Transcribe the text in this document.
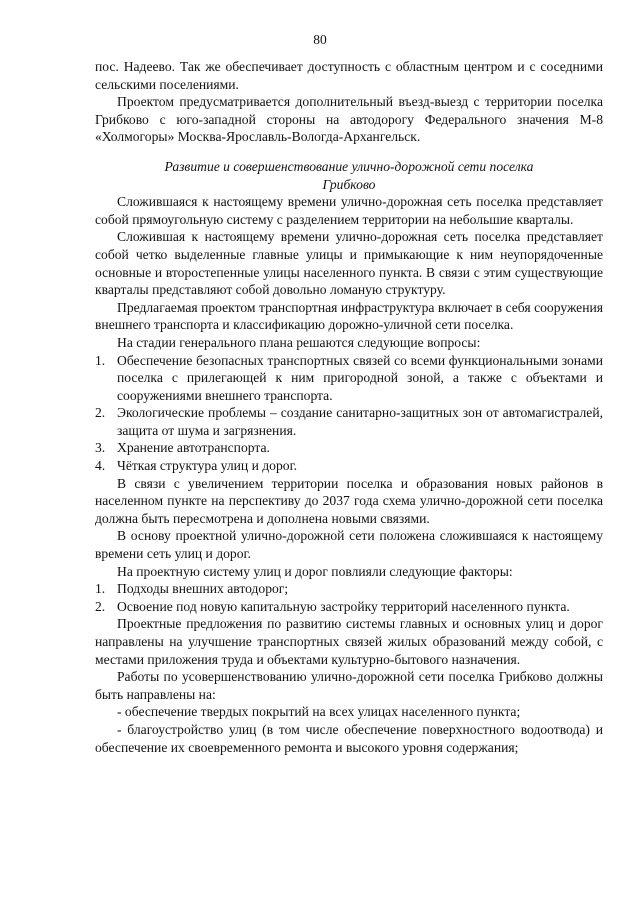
80

пос. Надеево. Так же обеспечивает доступность с областным центром и с соседними сельскими поселениями.

Проектом предусматривается дополнительный въезд-выезд с территории поселка Грибково с юго-западной стороны на автодорогу Федерального значения М-8 «Холмогоры» Москва-Ярославль-Вологда-Архангельск.

Развитие и совершенствование улично-дорожной сети поселка
Грибково

Сложившаяся к настоящему времени улично-дорожная сеть поселка представляет собой прямоугольную систему с разделением территории на небольшие кварталы.

Сложившая к настоящему времени улично-дорожная сеть поселка представляет собой четко выделенные главные улицы и примыкающие к ним неупорядоченные основные и второстепенные улицы населенного пункта. В связи с этим существующие кварталы представляют собой довольно ломаную структуру.

Предлагаемая проектом транспортная инфраструктура включает в себя сооружения внешнего транспорта и классификацию дорожно-уличной сети поселка.

На стадии генерального плана решаются следующие вопросы:

1. Обеспечение безопасных транспортных связей со всеми функциональными зонами поселка с прилегающей к ним пригородной зоной, а также с объектами и сооружениями внешнего транспорта.
2. Экологические проблемы – создание санитарно-защитных зон от автомагистралей, защита от шума и загрязнения.
3. Хранение автотранспорта.
4. Чёткая структура улиц и дорог.

В связи с увеличением территории поселка и образования новых районов в населенном пункте на перспективу до 2037 года схема улично-дорожной сети поселка должна быть пересмотрена и дополнена новыми связями.

В основу проектной улично-дорожной сети положена сложившаяся к настоящему времени сеть улиц и дорог.

На проектную систему улиц и дорог повлияли следующие факторы:

1. Подходы внешних автодорог;
2. Освоение под новую капитальную застройку территорий населенного пункта.

Проектные предложения по развитию системы главных и основных улиц и дорог направлены на улучшение транспортных связей жилых образований между собой, с местами приложения труда и объектами культурно-бытового назначения.

Работы по усовершенствованию улично-дорожной сети поселка Грибково должны быть направлены на:

- обеспечение твердых покрытий на всех улицах населенного пункта;

- благоустройство улиц (в том числе обеспечение поверхностного водоотвода) и обеспечение их своевременного ремонта и высокого уровня содержания;
